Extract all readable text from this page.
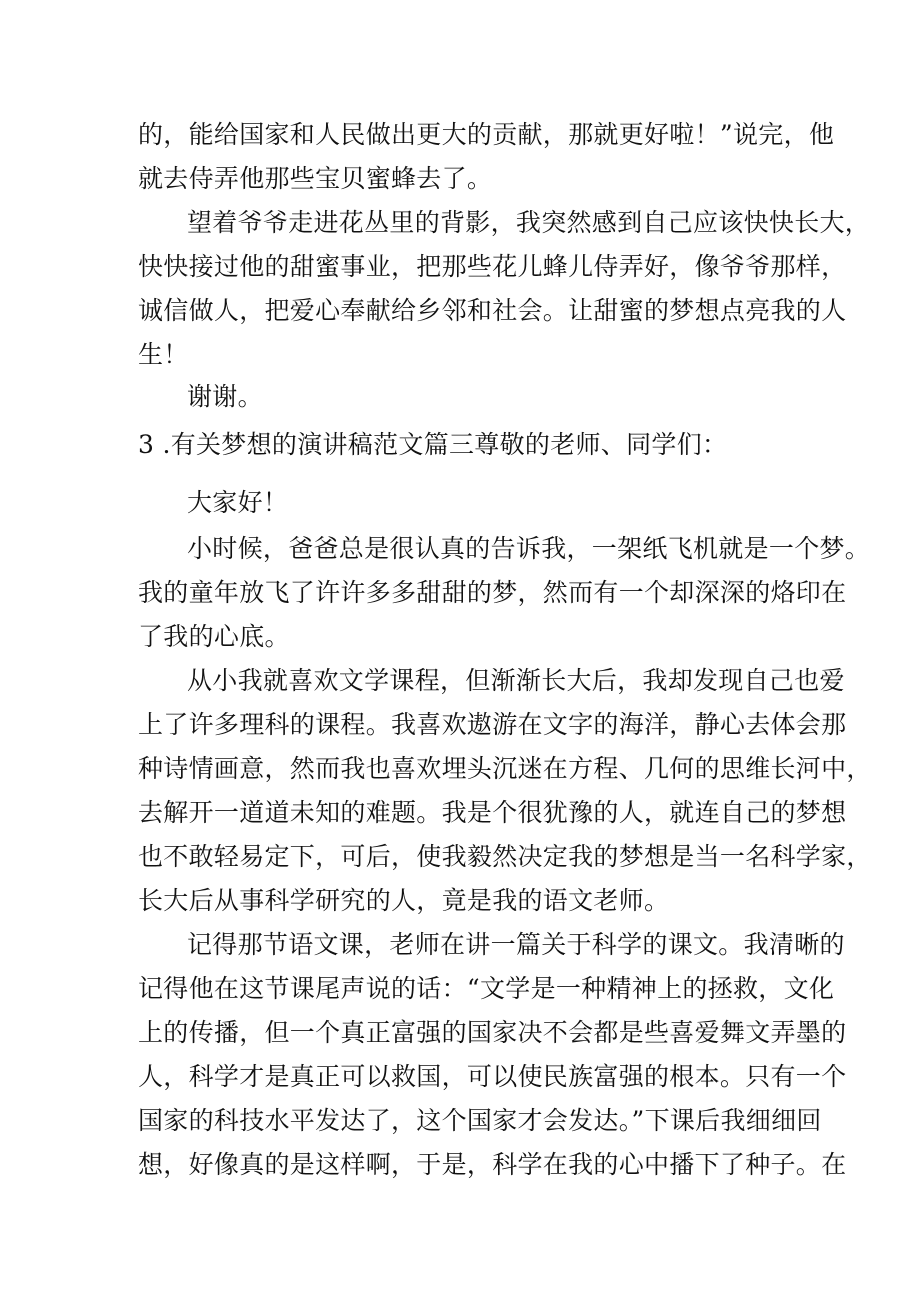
的，能给国家和人民做出更大的贡献，那就更好啦！”说完，他
就去侍弄他那些宝贝蜜蜂去了。
望着爷爷走进花丛里的背影，我突然感到自己应该快快长大，
快快接过他的甜蜜事业，把那些花儿蜂儿侍弄好，像爷爷那样，
诚信做人，把爱心奉献给乡邻和社会。让甜蜜的梦想点亮我的人
生！
谢谢。
3 .有关梦想的演讲稿范文篇三尊敬的老师、同学们：
大家好！
小时候，爸爸总是很认真的告诉我，一架纸飞机就是一个梦。
我的童年放飞了许许多多甜甜的梦，然而有一个却深深的烙印在
了我的心底。
从小我就喜欢文学课程，但渐渐长大后，我却发现自己也爱
上了许多理科的课程。我喜欢遨游在文字的海洋，静心去体会那
种诗情画意，然而我也喜欢埋头沉迷在方程、几何的思维长河中，
去解开一道道未知的难题。我是个很犹豫的人，就连自己的梦想
也不敢轻易定下，可后，使我毅然决定我的梦想是当一名科学家，
长大后从事科学研究的人，竟是我的语文老师。
记得那节语文课，老师在讲一篇关于科学的课文。我清晰的
记得他在这节课尾声说的话：“文学是一种精神上的拯救，文化
上的传播，但一个真正富强的国家决不会都是些喜爱舞文弄墨的
人，科学才是真正可以救国，可以使民族富强的根本。只有一个
国家的科技水平发达了，这个国家才会发达。”下课后我细细回
想，好像真的是这样啊，于是，科学在我的心中播下了种子。在
